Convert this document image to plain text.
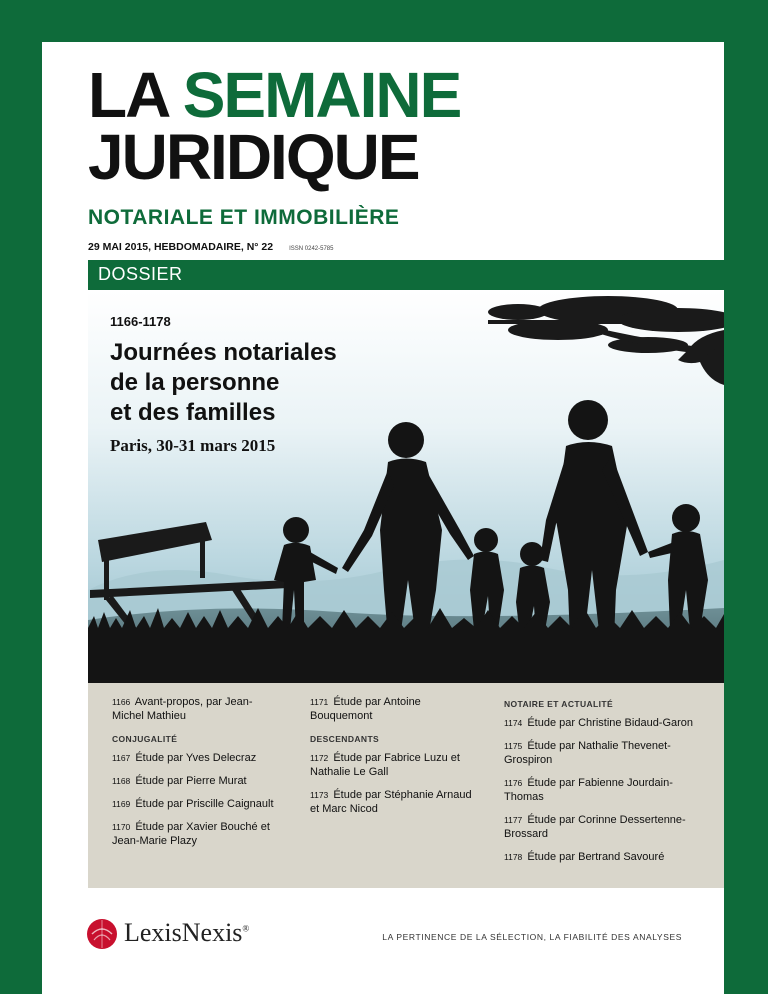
LA SEMAINE
JURIDIQUE
NOTARIALE ET IMMOBILIÈRE
29 MAI 2015, HEBDOMADAIRE, N° 22	ISSN 0242-5785
DOSSIER
1166-1178
Journées notariales
de la personne
et des familles
Paris, 30-31 mars 2015
1166 Avant-propos, par Jean-Michel Mathieu
CONJUGALITÉ
1167 Étude par Yves Delecraz
1168 Étude par Pierre Murat
1169 Étude par Priscille Caignault
1170 Étude par Xavier Bouché et Jean-Marie Plazy
1171 Étude par Antoine Bouquemont
DESCENDANTS
1172 Étude par Fabrice Luzu et Nathalie Le Gall
1173 Étude par Stéphanie Arnaud et Marc Nicod
NOTAIRE ET ACTUALITÉ
1174 Étude par Christine Bidaud-Garon
1175 Étude par Nathalie Thevenet-Grospiron
1176 Étude par Fabienne Jourdain-Thomas
1177 Étude par Corinne Dessertenne-Brossard
1178 Étude par Bertrand Savouré
LexisNexis®
LA PERTINENCE DE LA SÉLECTION, LA FIABILITÉ DES ANALYSES
